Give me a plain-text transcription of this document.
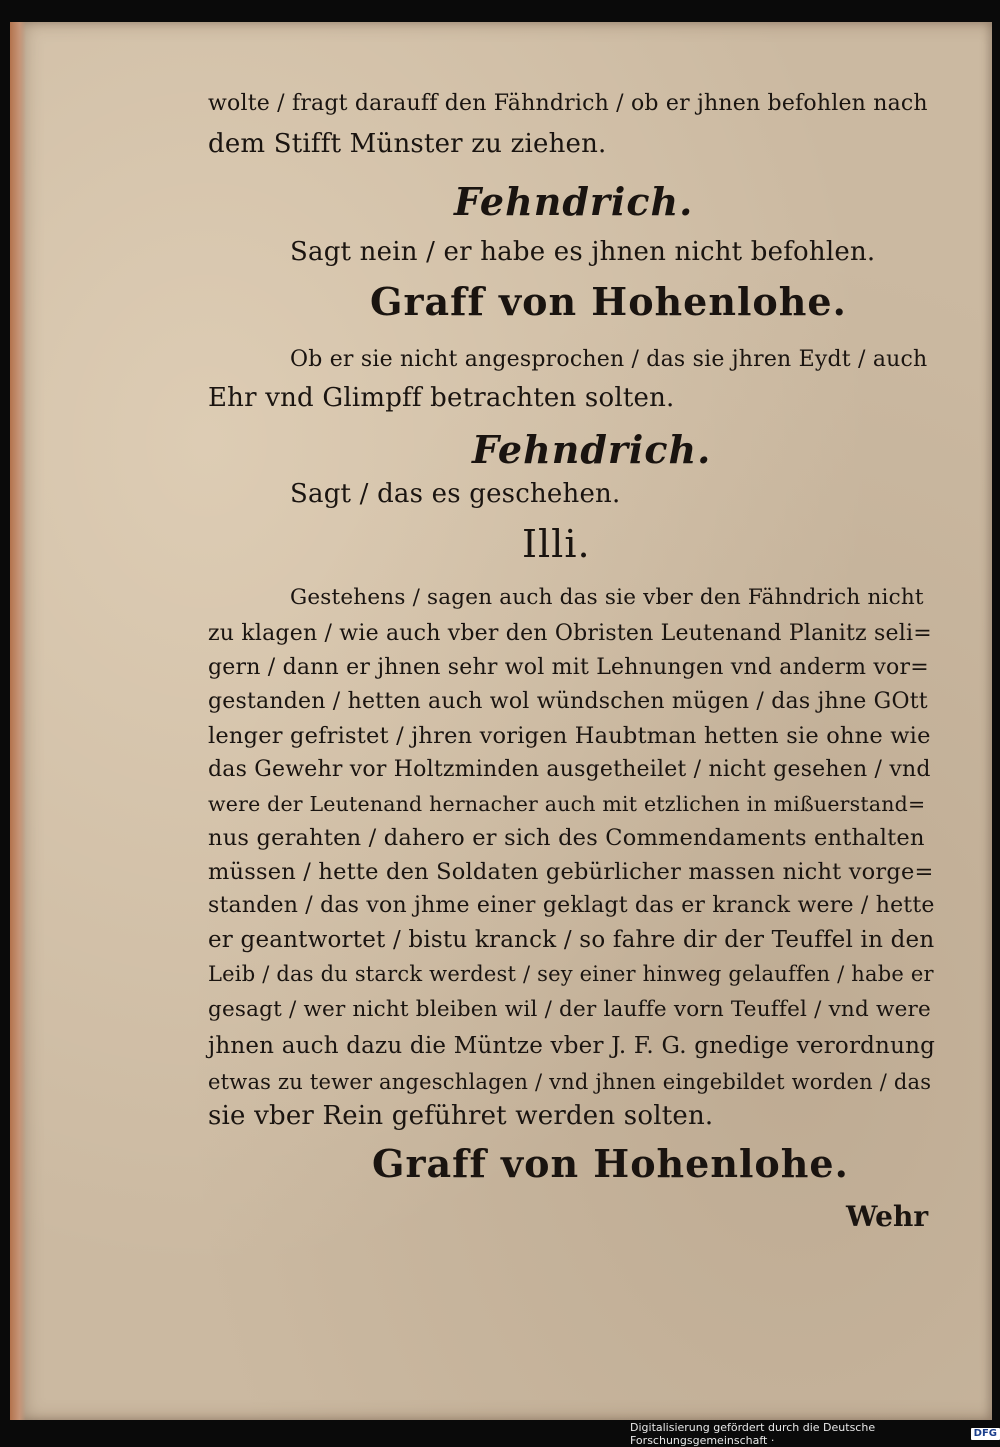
wolte / fragt darauff den Fähndrich / ob er jhnen befohlen nach
dem Stifft Münster zu ziehen.
Fehndrich.
Sagt nein / er habe es jhnen nicht befohlen.
Graff von Hohenlohe.
Ob er sie nicht angesprochen / das sie jhren Eydt / auch
Ehr vnd Glimpff betrachten solten.
Fehndrich.
Sagt / das es geschehen.
Illi.
Gestehens / sagen auch das sie vber den Fähndrich nicht
zu klagen / wie auch vber den Obristen Leutenand Planitz seli=
gern / dann er jhnen sehr wol mit Lehnungen vnd anderm vor=
gestanden / hetten auch wol wündschen mügen / das jhne GOtt
lenger gefristet / jhren vorigen Haubtman hetten sie ohne wie
das Gewehr vor Holtzminden ausgetheilet / nicht gesehen / vnd
were der Leutenand hernacher auch mit etzlichen in mißuerstand=
nus gerahten / dahero er sich des Commendaments enthalten
müssen / hette den Soldaten gebürlicher massen nicht vorge=
standen / das von jhme einer geklagt das er kranck were / hette
er geantwortet / bistu kranck / so fahre dir der Teuffel in den
Leib / das du starck werdest / sey einer hinweg gelauffen / habe er
gesagt / wer nicht bleiben wil / der lauffe vorn Teuffel / vnd were
jhnen auch dazu die Müntze vber J. F. G. gnedige verordnung
etwas zu tewer angeschlagen / vnd jhnen eingebildet worden / das
sie vber Rein geführet werden solten.
Graff von Hohenlohe.
Wehr
Digitalisierung gefördert durch die Deutsche Forschungsgemeinschaft ·
DFG
